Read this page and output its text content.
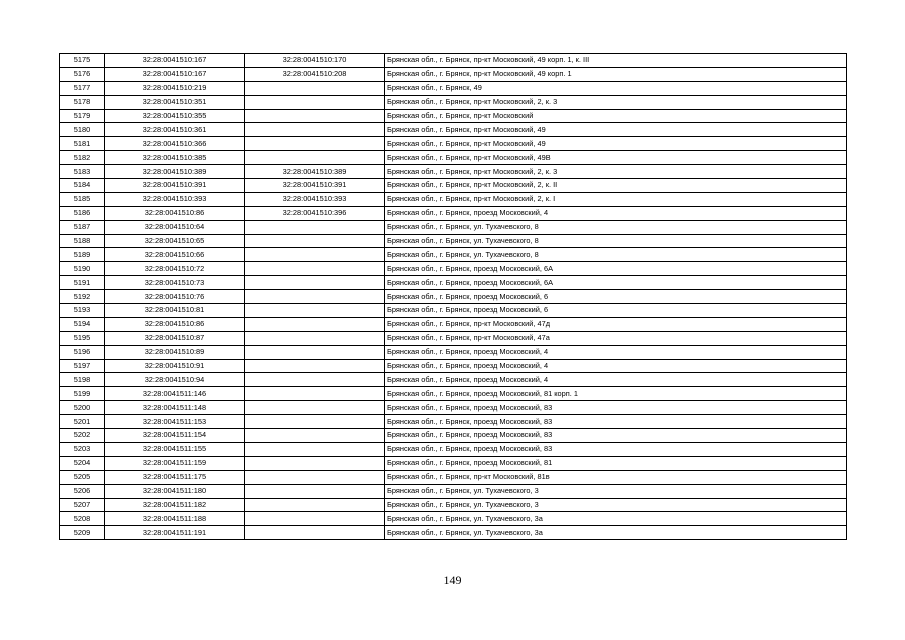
5175	32:28:0041510:167	32:28:0041510:170	Брянская обл., г. Брянск, пр-кт Московский, 49 корп. 1, к. III
5176	32:28:0041510:167	32:28:0041510:208	Брянская обл., г. Брянск, пр-кт Московский, 49 корп. 1
5177	32:28:0041510:219		Брянская обл., г. Брянск, 49
5178	32:28:0041510:351		Брянская обл., г. Брянск, пр-кт Московский, 2, к. 3
5179	32:28:0041510:355		Брянская обл., г. Брянск, пр-кт Московский
5180	32:28:0041510:361		Брянская обл., г. Брянск, пр-кт Московский, 49
5181	32:28:0041510:366		Брянская обл., г. Брянск, пр-кт Московский, 49
5182	32:28:0041510:385		Брянская обл., г. Брянск, пр-кт Московский, 49В
5183	32:28:0041510:389	32:28:0041510:389	Брянская обл., г. Брянск, пр-кт Московский, 2, к. 3
5184	32:28:0041510:391	32:28:0041510:391	Брянская обл., г. Брянск, пр-кт Московский, 2, к. II
5185	32:28:0041510:393	32:28:0041510:393	Брянская обл., г. Брянск, пр-кт Московский, 2, к. I
5186	32:28:0041510:86	32:28:0041510:396	Брянская обл., г. Брянск, проезд Московский, 4
5187	32:28:0041510:64		Брянская обл., г. Брянск, ул. Тухачевского, 8
5188	32:28:0041510:65		Брянская обл., г. Брянск, ул. Тухачевского, 8
5189	32:28:0041510:66		Брянская обл., г. Брянск, ул. Тухачевского, 8
5190	32:28:0041510:72		Брянская обл., г. Брянск, проезд Московский, 6А
5191	32:28:0041510:73		Брянская обл., г. Брянск, проезд Московский, 6А
5192	32:28:0041510:76		Брянская обл., г. Брянск, проезд Московский, 6
5193	32:28:0041510:81		Брянская обл., г. Брянск, проезд Московский, 6
5194	32:28:0041510:86		Брянская обл., г. Брянск, пр-кт Московский, 47д
5195	32:28:0041510:87		Брянская обл., г. Брянск, пр-кт Московский, 47а
5196	32:28:0041510:89		Брянская обл., г. Брянск, проезд Московский, 4
5197	32:28:0041510:91		Брянская обл., г. Брянск, проезд Московский, 4
5198	32:28:0041510:94		Брянская обл., г. Брянск, проезд Московский, 4
5199	32:28:0041511:146		Брянская обл., г. Брянск, проезд Московский, 81 корп. 1
5200	32:28:0041511:148		Брянская обл., г. Брянск, проезд Московский, 83
5201	32:28:0041511:153		Брянская обл., г. Брянск, проезд Московский, 83
5202	32:28:0041511:154		Брянская обл., г. Брянск, проезд Московский, 83
5203	32:28:0041511:155		Брянская обл., г. Брянск, проезд Московский, 83
5204	32:28:0041511:159		Брянская обл., г. Брянск, проезд Московский, 81
5205	32:28:0041511:175		Брянская обл., г. Брянск, пр-кт Московский, 81в
5206	32:28:0041511:180		Брянская обл., г. Брянск, ул. Тухачевского, 3
5207	32:28:0041511:182		Брянская обл., г. Брянск, ул. Тухачевского, 3
5208	32:28:0041511:188		Брянская обл., г. Брянск, ул. Тухачевского, 3а
5209	32:28:0041511:191		Брянская обл., г. Брянск, ул. Тухачевского, 3а
149
